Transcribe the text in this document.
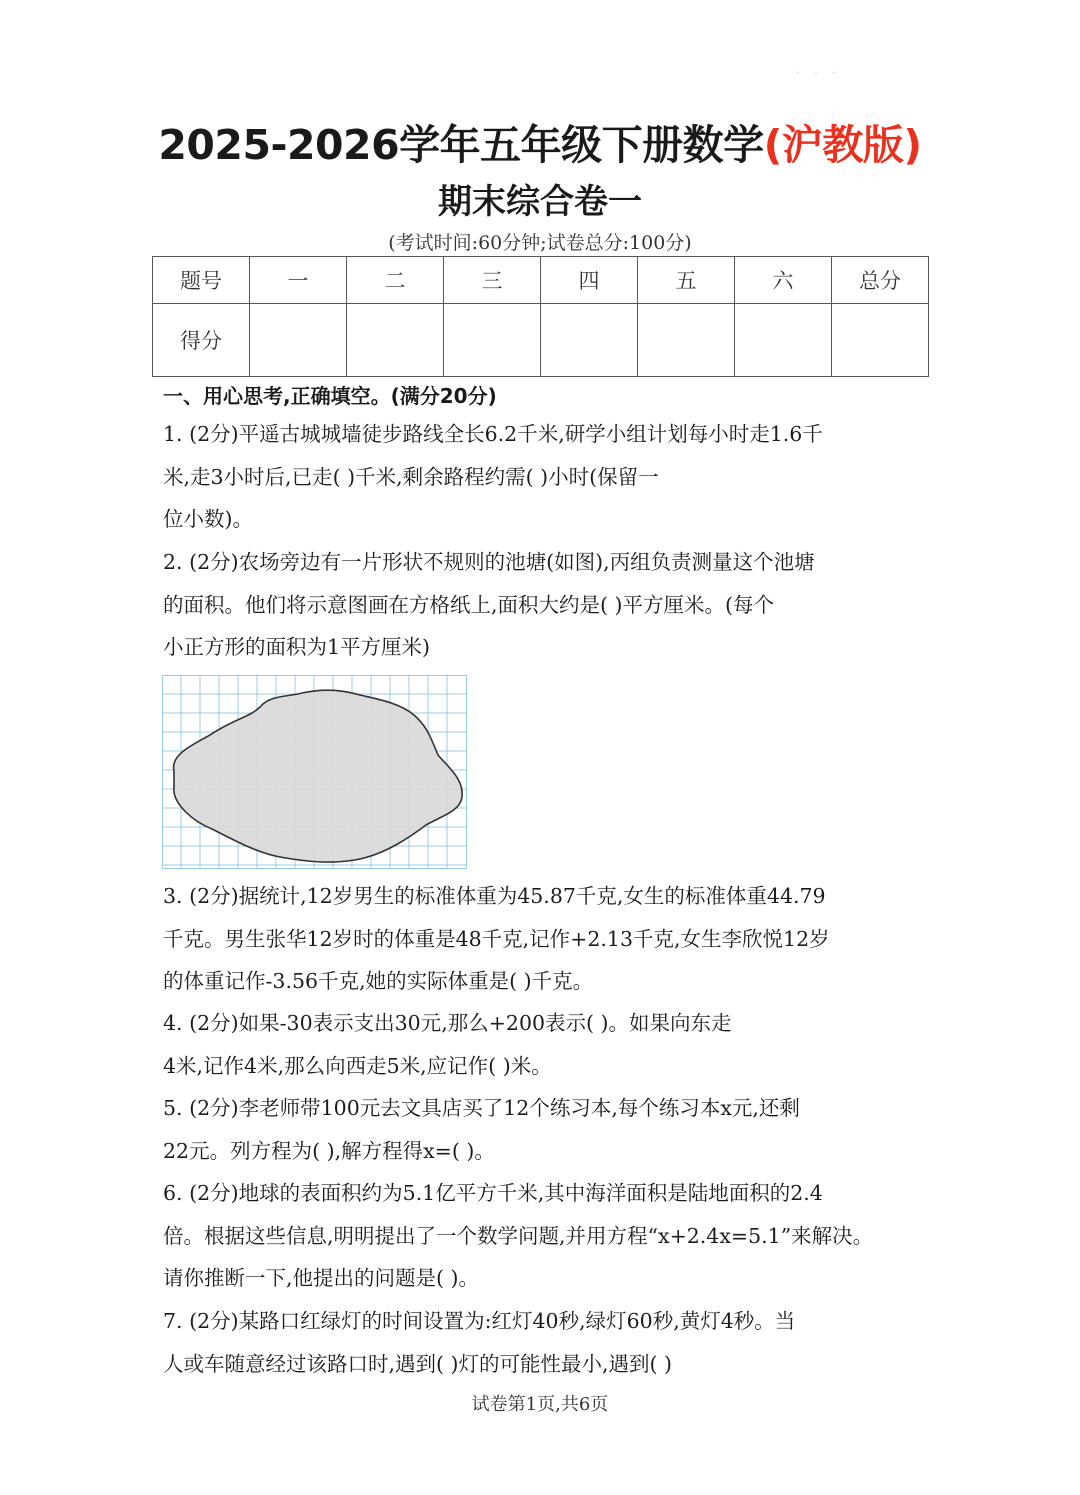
· · ·
2025-2026学年五年级下册数学(沪教版)
期末综合卷一
(考试时间:60分钟;试卷总分:100分)
题号	一	二	三	四	五	六	总分
得分							
一、用心思考,正确填空。(满分20分)
1. (2分)平遥古城城墙徒步路线全长6.2千米,研学小组计划每小时走1.6千
米,走3小时后,已走( )千米,剩余路程约需( )小时(保留一
位小数)。
2. (2分)农场旁边有一片形状不规则的池塘(如图),丙组负责测量这个池塘
的面积。他们将示意图画在方格纸上,面积大约是( )平方厘米。(每个
小正方形的面积为1平方厘米)
3. (2分)据统计,12岁男生的标准体重为45.87千克,女生的标准体重44.79
千克。男生张华12岁时的体重是48千克,记作+2.13千克,女生李欣悦12岁
的体重记作-3.56千克,她的实际体重是( )千克。
4. (2分)如果-30表示支出30元,那么+200表示( )。如果向东走
4米,记作4米,那么向西走5米,应记作( )米。
5. (2分)李老师带100元去文具店买了12个练习本,每个练习本x元,还剩
22元。列方程为( ),解方程得x=( )。
6. (2分)地球的表面积约为5.1亿平方千米,其中海洋面积是陆地面积的2.4
倍。根据这些信息,明明提出了一个数学问题,并用方程“x+2.4x=5.1”来解决。
请你推断一下,他提出的问题是( )。
7. (2分)某路口红绿灯的时间设置为:红灯40秒,绿灯60秒,黄灯4秒。当
人或车随意经过该路口时,遇到( )灯的可能性最小,遇到( )
试卷第1页,共6页
